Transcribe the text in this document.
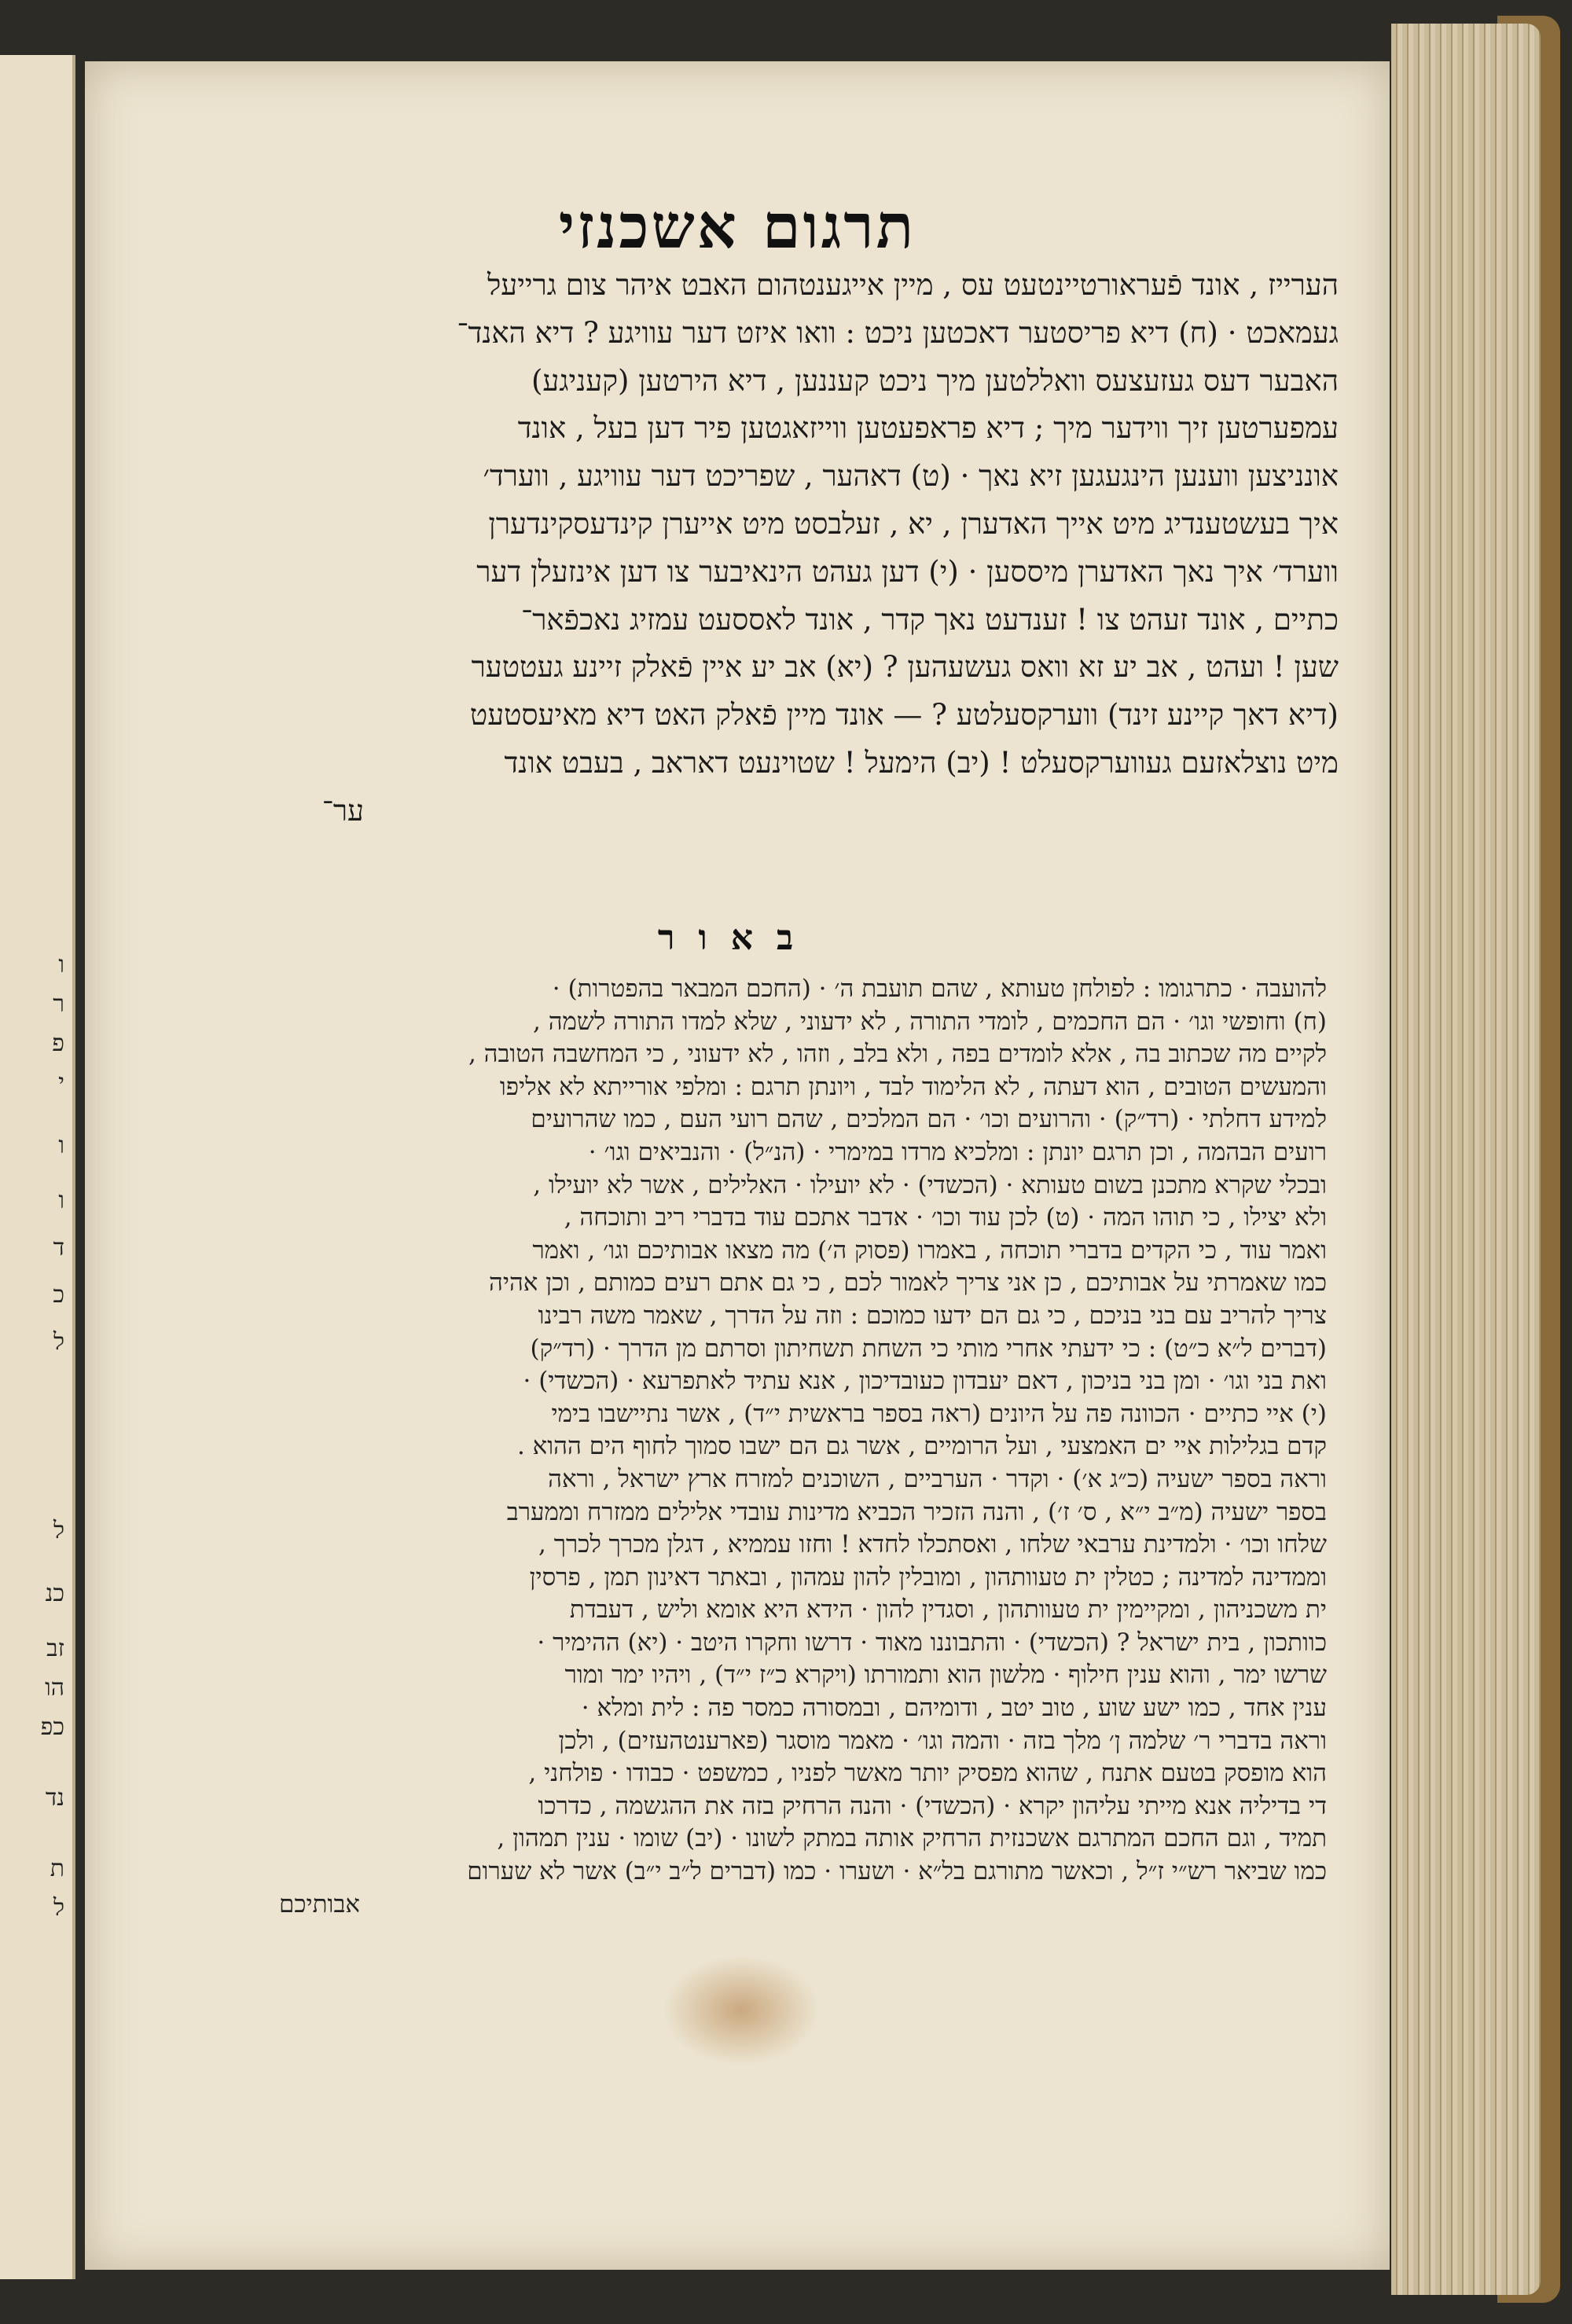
ו
ר
פ
י
ו
ו
ד
כ
ל
ל
כנ
זב
הו
כפ
נד
ת
ל
תרגום אשכנזי
הערייז , אונד פֿעראורטיינטעט עס , מיין אייגענטהום האבט איהר צום גרייעל
געמאכט · (ח) דיא פריסטער דאכטען ניכט : וואו איזט דער עוויגע ? דיא האנד־
האבער דעס געזעצעס וואללטען מיך ניכט קעננען , דיא הירטען (קעניגע)
עמפערטען זיך ווידער מיך ; דיא פראפעטען ווייזאגטען פיר דען בעל , אונד
אונניצען ווענען הינגעגען זיא נאך · (ט) דאהער , שפריכט דער עוויגע , ווערד׳
איך בעשטענדיג מיט אייך האדערן , יא , זעלבסט מיט אייערן קינדעסקינדערן
ווערד׳ איך נאך האדערן מיססען · (י) דען געהט הינאיבער צו דען אינזעלן דער
כתיים , אונד זעהט צו ! זענדעט נאך קדר , אונד לאססעט עמזיג נאכפֿאר־
שען ! ועהט , אב יע זא וואס געשעהען ? (יא) אב יע איין פֿאלק זיינע געטטער
(דיא דאך קיינע זינד) ווערקסעלטע ? — אונד מיין פֿאלק האט דיא מאיעסטעט
מיט נוצלאזעם געווערקסעלט ! (יב) הימעל ! שטוינעט דאראב , בעבט אונד
ער־
באור
להועבה · כתרגומו : לפולחן טעותא , שהם תועבת ה׳ · (החכם המבאר בהפטרות) ·
(ח) וחופשי וגו׳ · הם החכמים , לומדי התורה , לא ידעוני , שלא למדו התורה לשמה ,
לקיים מה שכתוב בה , אלא לומדים בפה , ולא בלב , וזהו , לא ידעוני , כי המחשבה הטובה ,
והמעשים הטובים , הוא דעתה , לא הלימוד לבד , ויונתן תרגם : ומלפי אורייתא לא אליפו
למידע דחלתי · (רד״ק) · והרועים וכו׳ · הם המלכים , שהם רועי העם , כמו שהרועים
רועים הבהמה , וכן תרגם יונתן : ומלכיא מרדו במימרי · (הנ״ל) · והנביאים וגו׳ ·
ובכלי שקרא מתכנן בשום טעותא · (הכשדי) · לא יועילו · האלילים , אשר לא יועילו ,
ולא יצילו , כי תוהו המה · (ט) לכן עוד וכו׳ · אדבר אתכם עוד בדברי ריב ותוכחה ,
ואמר עוד , כי הקדים בדברי תוכחה , באמרו (פסוק ה׳) מה מצאו אבותיכם וגו׳ , ואמר
כמו שאמרתי על אבותיכם , כן אני צריך לאמור לכם , כי גם אתם רעים כמותם , וכן אהיה
צריך להריב עם בני בניכם , כי גם הם ידעו כמוכם : וזה על הדרך , שאמר משה רבינו
(דברים ל״א כ״ט) : כי ידעתי אחרי מותי כי השחת תשחיתון וסרתם מן הדרך · (רד״ק)
ואת בני וגו׳ · ומן בני בניכון , דאם יעבדון כעובדיכון , אנא עתיד לאתפרעא · (הכשדי) ·
(י) איי כתיים · הכוונה פה על היונים (ראה בספר בראשית י״ד) , אשר נתיישבו בימי
קדם בגלילות איי ים האמצעי , ועל הרומיים , אשר גם הם ישבו סמוך לחוף הים ההוא .
וראה בספר ישעיה (כ״ג א׳) · וקדר · הערביים , השוכנים למזרח ארץ ישראל , וראה
בספר ישעיה (מ״ב י״א , ס׳ ז׳) , והנה הזכיר הכביא מדינות עובדי אלילים ממזרח וממערב
שלחו וכו׳ · ולמדינת ערבאי שלחו , ואסתכלו לחדא ! וחזו עממיא , דגלן מכרך לכרך ,
וממדינה למדינה ; כטלין ית טעוותהון , ומובלין להון עמהון , ובאתר דאינון תמן , פרסין
ית משכניהון , ומקיימין ית טעוותהון , וסגדין להון · הידא היא אומא וליש , דעבדת
כוותכון , בית ישראל ? (הכשדי) · והתבוננו מאוד · דרשו וחקרו היטב · (יא) ההימיר ·
שרשו ימר , והוא ענין חילוף · מלשון הוא ותמורתו (ויקרא כ״ז י״ד) , ויהיו ימר ומור
ענין אחד , כמו ישע שוע , טוב יטב , ודומיהם , ובמסורה כמסר פה : לית ומלא ·
וראה בדברי ר׳ שלמה ן׳ מלך בזה · והמה וגו׳ · מאמר מוסגר (פארענטהעזים) , ולכן
הוא מופסק בטעם אתנח , שהוא מפסיק יותר מאשר לפניו , כמשפט · כבודו · פולחני ,
די בדיליה אנא מייתי עליהון יקרא · (הכשדי) · והנה הרחיק בזה את ההגשמה , כדרכו
תמיד , וגם החכם המתרגם אשכנזית הרחיק אותה במתק לשונו · (יב) שומו · ענין תמהון ,
כמו שביאר רש״י ז״ל , וכאשר מתורגם בל״א · ושערו · כמו (דברים ל״ב י״ב) אשר לא שערום
אבותיכם
